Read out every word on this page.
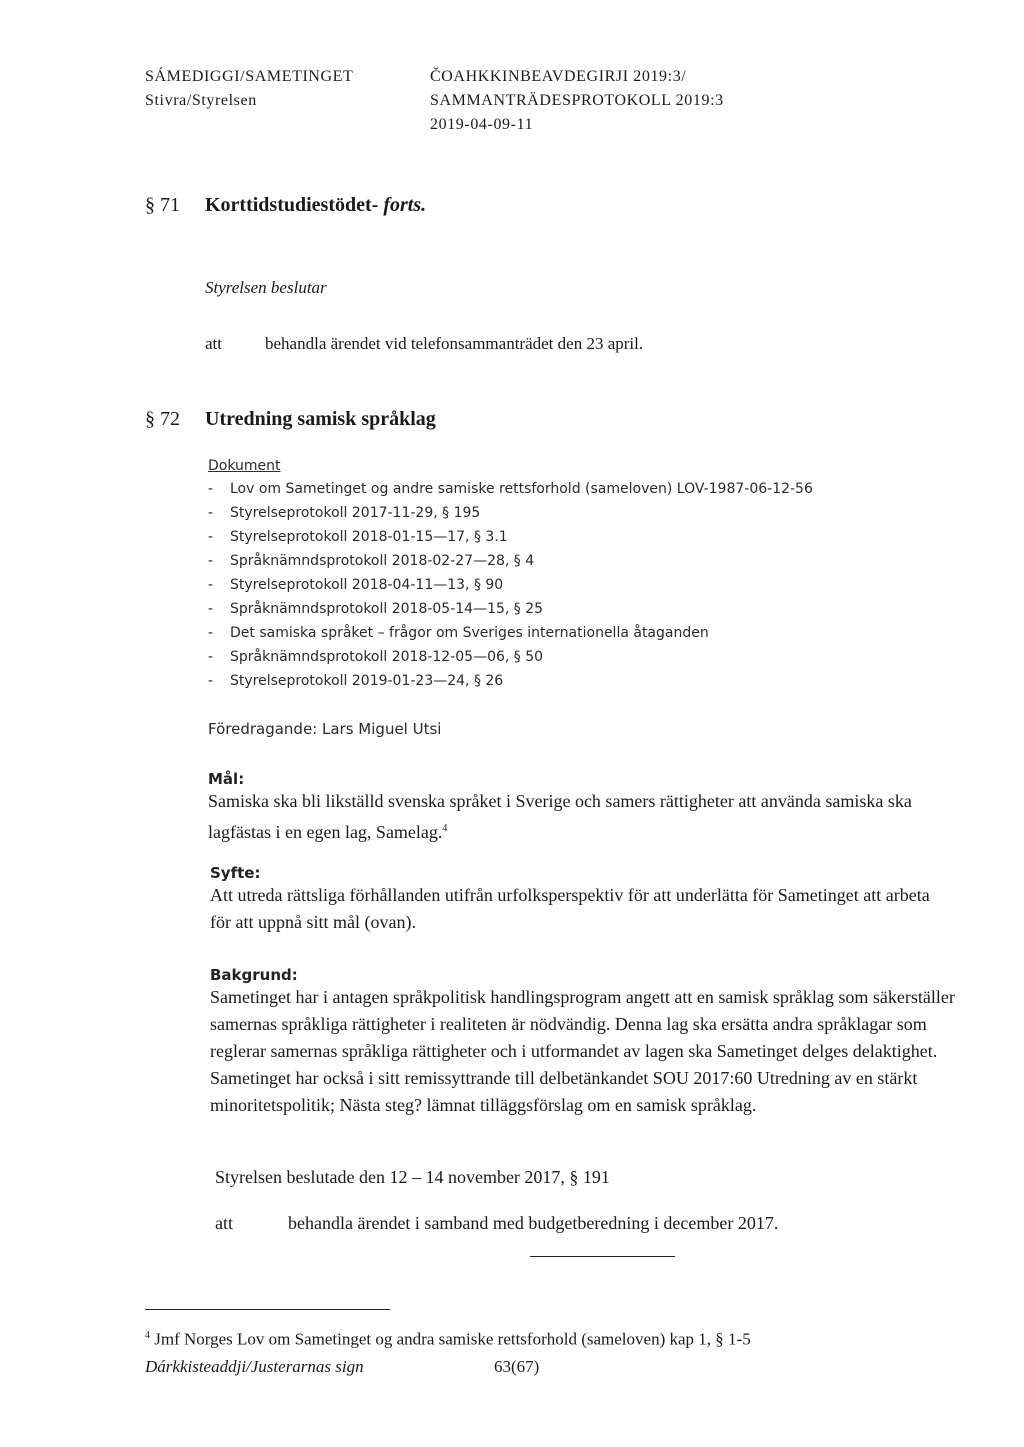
SÁMEDIGGI/SAMETINGET
Stivra/Styrelsen
ČOAHKKINBEAVDEGIRJI 2019:3/
SAMMANTRÄDESPROTOKOLL 2019:3
2019-04-09-11
§ 71 Korttidstudiestödet- forts.
Styrelsen beslutar
att	behandla ärendet vid telefonsammanträdet den 23 april.
§ 72 Utredning samisk språklag
Dokument
- Lov om Sametinget og andre samiske rettsforhold (sameloven) LOV-1987-06-12-56
- Styrelseprotokoll 2017-11-29, § 195
- Styrelseprotokoll 2018-01-15—17, § 3.1
- Språknämndsprotokoll 2018-02-27—28, § 4
- Styrelseprotokoll 2018-04-11—13, § 90
- Språknämndsprotokoll 2018-05-14—15, § 25
- Det samiska språket – frågor om Sveriges internationella åtaganden
- Språknämndsprotokoll 2018-12-05—06, § 50
- Styrelseprotokoll 2019-01-23—24, § 26
Föredragande: Lars Miguel Utsi
Mål:
Samiska ska bli likställd svenska språket i Sverige och samers rättigheter att använda samiska ska lagfästas i en egen lag, Samelag.$^4$
Syfte:
Att utreda rättsliga förhållanden utifrån urfolksperspektiv för att underlätta för Sametinget att arbeta för att uppnå sitt mål (ovan).
Bakgrund:
Sametinget har i antagen språkpolitisk handlingsprogram angett att en samisk språklag som säkerställer samernas språkliga rättigheter i realiteten är nödvändig. Denna lag ska ersätta andra språklagar som reglerar samernas språkliga rättigheter och i utformandet av lagen ska Sametinget delges delaktighet. Sametinget har också i sitt remissyttrande till delbetänkandet SOU 2017:60 Utredning av en stärkt minoritetspolitik; Nästa steg? lämnat tilläggsförslag om en samisk språklag.
Styrelsen beslutade den 12 – 14 november 2017, § 191
att	behandla ärendet i samband med budgetberedning i december 2017.
$^4$ Jmf Norges Lov om Sametinget og andra samiske rettsforhold (sameloven) kap 1, § 1-5
Dárkkisteaddji/Justerarnas sign	63(67)
